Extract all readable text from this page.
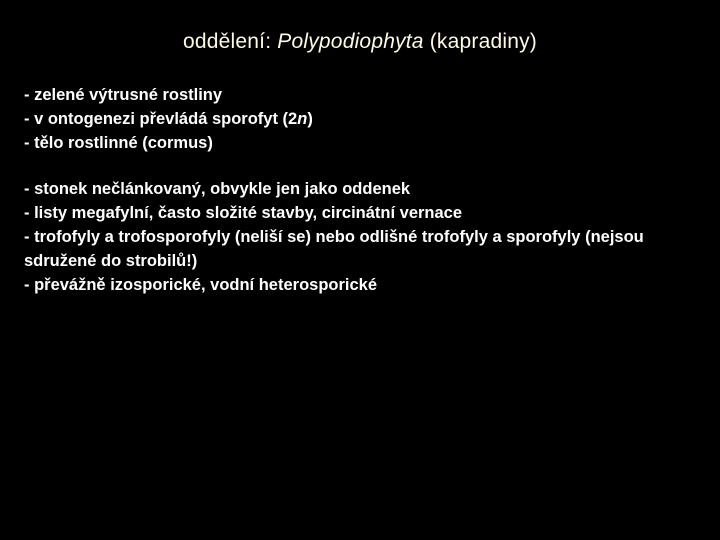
oddělení: Polypodiophyta (kapradiny)
- zelené výtrusné rostliny
- v ontogenezi převládá sporofyt (2n)
- tělo rostlinné (cormus)
- stonek nečlánkovaný, obvykle jen jako oddenek
- listy megafylní, často složité stavby, circinátní vernace
- trofofyly a trofosporofyly (neliší se) nebo odlišné trofofyly a sporofyly (nejsou sdružené do strobilů!)
- převážně izosporické, vodní heterosporické
